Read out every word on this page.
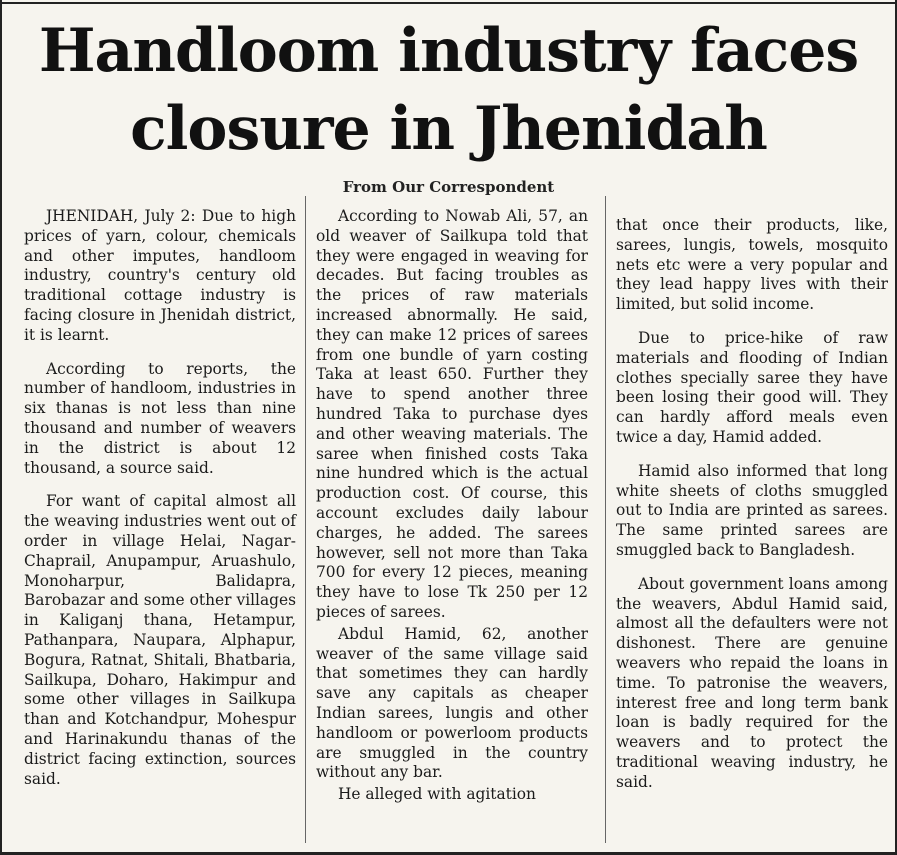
Handloom industry faces
closure in Jhenidah
From Our Correspondent

JHENIDAH, July 2: Due to high prices of yarn, colour, chemicals and other imputes, handloom industry, country's century old traditional cottage industry is facing closure in Jhenidah district, it is learnt.

According to reports, the number of handloom, industries in six thanas is not less than nine thousand and number of weavers in the district is about 12 thousand, a source said.

For want of capital almost all the weaving industries went out of order in village Helai, Nagar-Chaprail, Anupampur, Aruashulo, Monoharpur, Balidapra, Barobazar and some other villages in Kaliganj thana, Hetampur, Pathanpara, Naupara, Alphapur, Bogura, Ratnat, Shitali, Bhatbaria, Sailkupa, Doharo, Hakimpur and some other villages in Sailkupa than and Kotchandpur, Mohespur and Harinakundu thanas of the district facing extinction, sources said.

According to Nowab Ali, 57, an old weaver of Sailkupa told that they were engaged in weaving for decades. But facing troubles as the prices of raw materials increased abnormally. He said, they can make 12 prices of sarees from one bundle of yarn costing Taka at least 650. Further they have to spend another three hundred Taka to purchase dyes and other weaving materials. The saree when finished costs Taka nine hundred which is the actual production cost. Of course, this account excludes daily labour charges, he added. The sarees however, sell not more than Taka 700 for every 12 pieces, meaning they have to lose Tk 250 per 12 pieces of sarees.

Abdul Hamid, 62, another weaver of the same village said that sometimes they can hardly save any capitals as cheaper Indian sarees, lungis and other handloom or powerloom products are smuggled in the country without any bar.

He alleged with agitation

that once their products, like, sarees, lungis, towels, mosquito nets etc were a very popular and they lead happy lives with their limited, but solid income.

Due to price-hike of raw materials and flooding of Indian clothes specially saree they have been losing their good will. They can hardly afford meals even twice a day, Hamid added.

Hamid also informed that long white sheets of cloths smuggled out to India are printed as sarees. The same printed sarees are smuggled back to Bangladesh.

About government loans among the weavers, Abdul Hamid said, almost all the defaulters were not dishonest. There are genuine weavers who repaid the loans in time. To patronise the weavers, interest free and long term bank loan is badly required for the weavers and to protect the traditional weaving industry, he said.
